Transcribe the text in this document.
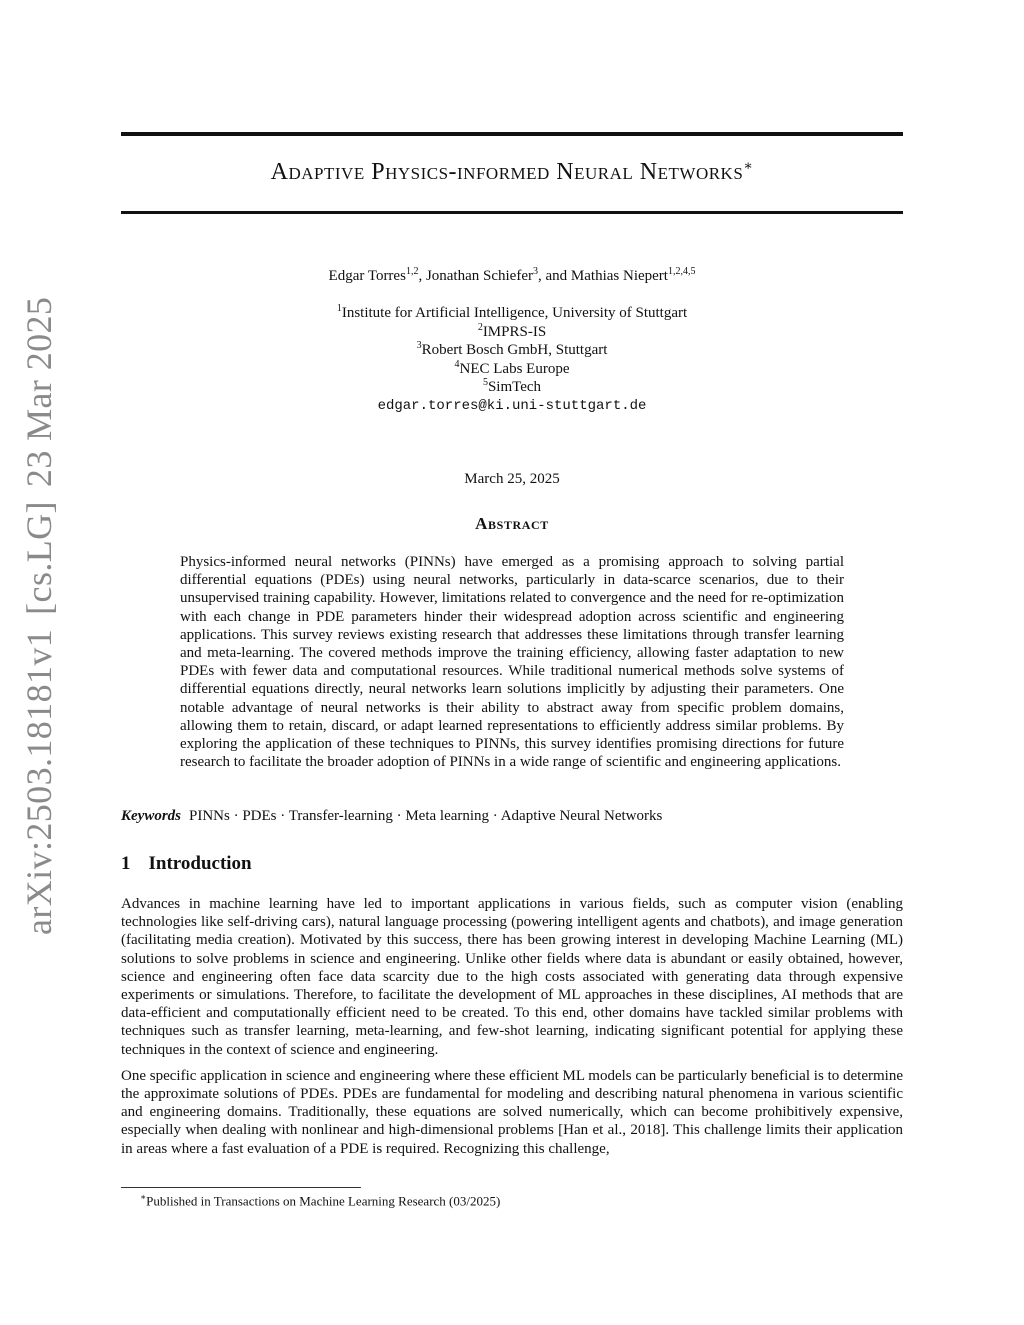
arXiv:2503.18181v1[cs.LG]23 Mar 2025
Adaptive Physics-informed Neural Networks∗
Edgar Torres$^{1,2}$, Jonathan Schiefer$^3$, and Mathias Niepert$^{1,2,4,5}$
$^1$Institute for Artificial Intelligence, University of Stuttgart
$^2$IMPRS-IS
$^3$Robert Bosch GmbH, Stuttgart
$^4$NEC Labs Europe
$^5$SimTech
edgar.torres@ki.uni-stuttgart.de
March 25, 2025
Abstract
Physics-informed neural networks (PINNs) have emerged as a promising approach to solving partial differential equations (PDEs) using neural networks, particularly in data-scarce scenarios, due to their unsupervised training capability. However, limitations related to convergence and the need for re-optimization with each change in PDE parameters hinder their widespread adoption across scientific and engineering applications. This survey reviews existing research that addresses these limitations through transfer learning and meta-learning. The covered methods improve the training efficiency, allowing faster adaptation to new PDEs with fewer data and computational resources. While traditional numerical methods solve systems of differential equations directly, neural networks learn solutions implicitly by adjusting their parameters. One notable advantage of neural networks is their ability to abstract away from specific problem domains, allowing them to retain, discard, or adapt learned representations to efficiently address similar problems. By exploring the application of these techniques to PINNs, this survey identifies promising directions for future research to facilitate the broader adoption of PINNs in a wide range of scientific and engineering applications.
Keywords PINNs · PDEs · Transfer-learning · Meta learning · Adaptive Neural Networks
1 Introduction

Advances in machine learning have led to important applications in various fields, such as computer vision (enabling technologies like self-driving cars), natural language processing (powering intelligent agents and chatbots), and image generation (facilitating media creation). Motivated by this success, there has been growing interest in developing Machine Learning (ML) solutions to solve problems in science and engineering. Unlike other fields where data is abundant or easily obtained, however, science and engineering often face data scarcity due to the high costs associated with generating data through expensive experiments or simulations. Therefore, to facilitate the development of ML approaches in these disciplines, AI methods that are data-efficient and computationally efficient need to be created. To this end, other domains have tackled similar problems with techniques such as transfer learning, meta-learning, and few-shot learning, indicating significant potential for applying these techniques in the context of science and engineering.

One specific application in science and engineering where these efficient ML models can be particularly beneficial is to determine the approximate solutions of PDEs. PDEs are fundamental for modeling and describing natural phenomena in various scientific and engineering domains. Traditionally, these equations are solved numerically, which can become prohibitively expensive, especially when dealing with nonlinear and high-dimensional problems [Han et al., 2018]. This challenge limits their application in areas where a fast evaluation of a PDE is required. Recognizing this challenge,

∗Published in Transactions on Machine Learning Research (03/2025)
